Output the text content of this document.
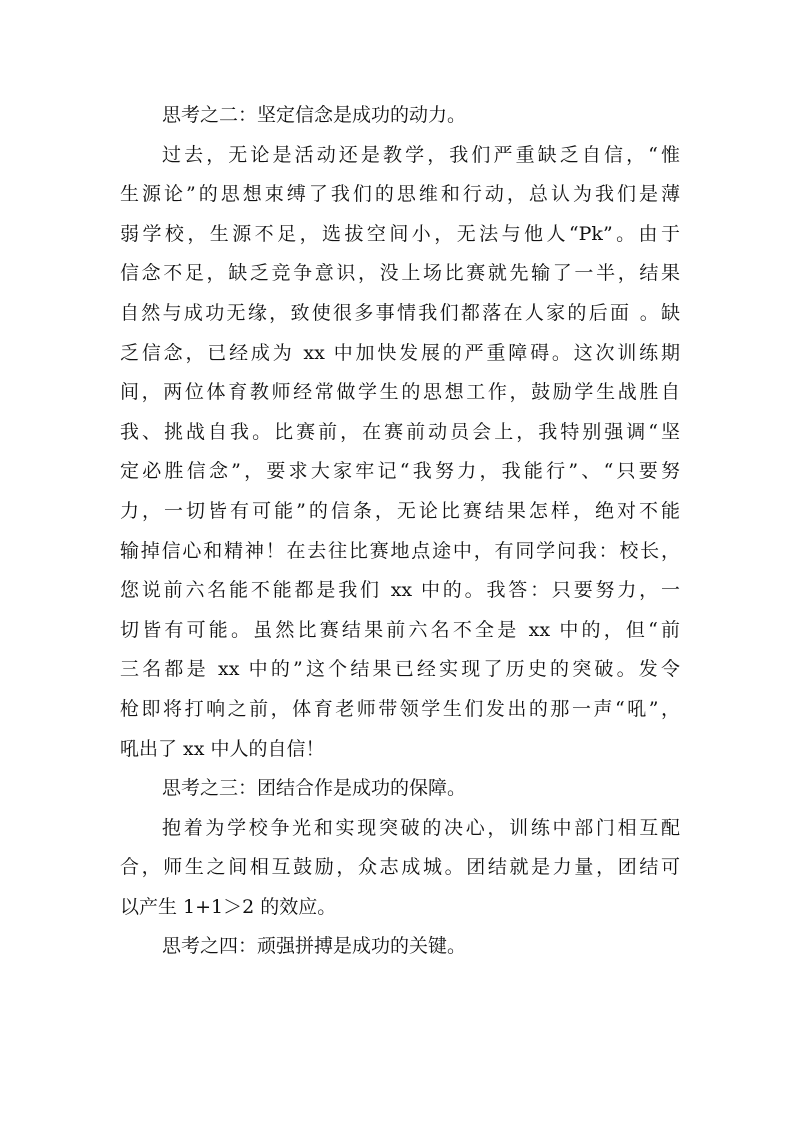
思考之二：坚定信念是成功的动力。
过去，无论是活动还是教学，我们严重缺乏自信，“惟
生源论”的思想束缚了我们的思维和行动，总认为我们是薄
弱学校，生源不足，选拔空间小，无法与他人“Pk”。由于
信念不足，缺乏竞争意识，没上场比赛就先输了一半，结果
自然与成功无缘，致使很多事情我们都落在人家的后面 。缺
乏信念，已经成为 xx 中加快发展的严重障碍。这次训练期
间，两位体育教师经常做学生的思想工作，鼓励学生战胜自
我、挑战自我。比赛前，在赛前动员会上，我特别强调“坚
定必胜信念”，要求大家牢记“我努力，我能行”、“只要努
力，一切皆有可能”的信条，无论比赛结果怎样，绝对不能
输掉信心和精神！在去往比赛地点途中，有同学问我：校长，
您说前六名能不能都是我们 xx 中的。我答：只要努力，一
切皆有可能。虽然比赛结果前六名不全是 xx 中的，但“前
三名都是 xx 中的”这个结果已经实现了历史的突破。发令
枪即将打响之前，体育老师带领学生们发出的那一声“吼”，
吼出了 xx 中人的自信！
思考之三：团结合作是成功的保障。
抱着为学校争光和实现突破的决心，训练中部门相互配
合，师生之间相互鼓励，众志成城。团结就是力量，团结可
以产生 1+1＞2 的效应。
思考之四：顽强拼搏是成功的关键。
